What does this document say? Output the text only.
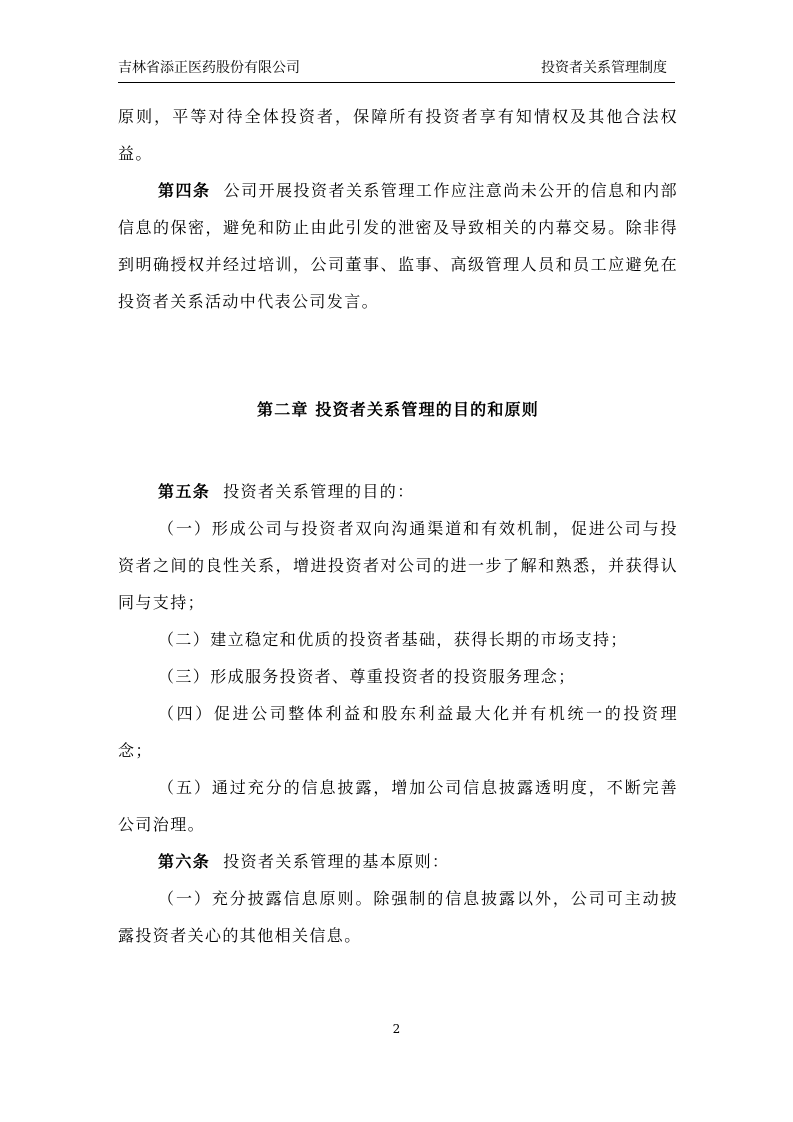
吉林省添正医药股份有限公司	投资者关系管理制度

原则，平等对待全体投资者，保障所有投资者享有知情权及其他合法权益。

第四条 公司开展投资者关系管理工作应注意尚未公开的信息和内部信息的保密，避免和防止由此引发的泄密及导致相关的内幕交易。除非得到明确授权并经过培训，公司董事、监事、高级管理人员和员工应避免在投资者关系活动中代表公司发言。

第二章 投资者关系管理的目的和原则

第五条 投资者关系管理的目的：

（一）形成公司与投资者双向沟通渠道和有效机制，促进公司与投资者之间的良性关系，增进投资者对公司的进一步了解和熟悉，并获得认同与支持；

（二）建立稳定和优质的投资者基础，获得长期的市场支持；

（三）形成服务投资者、尊重投资者的投资服务理念；

（四）促进公司整体利益和股东利益最大化并有机统一的投资理念；

（五）通过充分的信息披露，增加公司信息披露透明度，不断完善公司治理。

第六条 投资者关系管理的基本原则：

（一）充分披露信息原则。除强制的信息披露以外，公司可主动披露投资者关心的其他相关信息。

2
